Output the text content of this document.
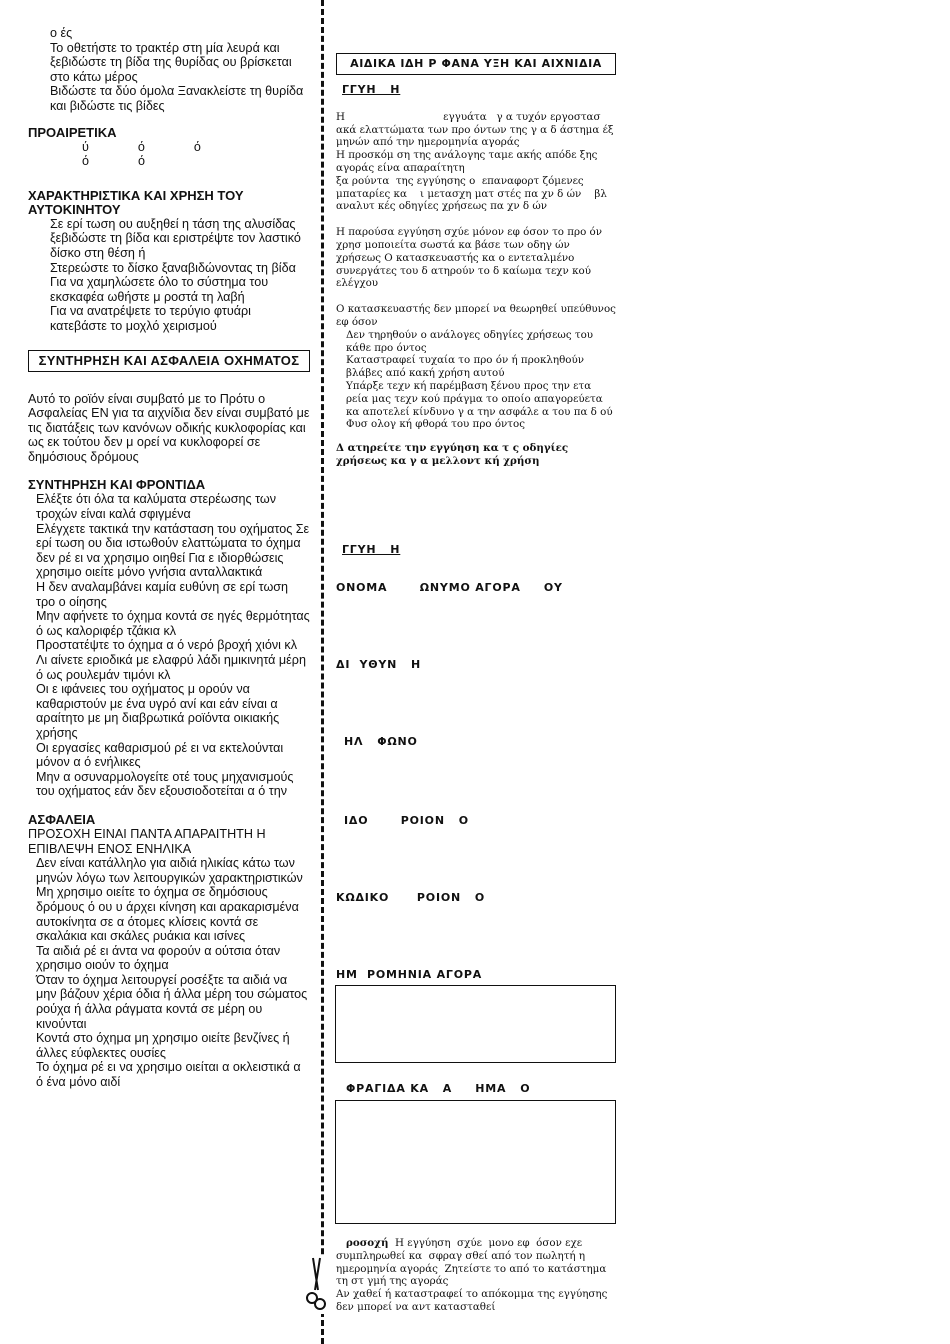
ο ές
Το οθετήστε το τρακτέρ στη μία λευρά και ξεβιδώστε τη βίδα της θυρίδας ου βρίσκεται στο κάτω μέρος
Βιδώστε τα δύο όμολα Ξανακλείστε τη θυρίδα και βιδώστε τις βίδες
ΠΡΟΑΙΡΕΤΙΚΑ
ύ              ό              ό
ό              ό
ΧΑΡΑΚΤΗΡΙΣΤΙΚΑ ΚΑΙ ΧΡΗΣΗ ΤΟΥ ΑΥΤΟΚΙΝΗΤΟΥ
Σε ερί τωση ου αυξηθεί η τάση της αλυσίδας ξεβιδώστε τη βίδα και εριστρέψτε τον λαστικό δίσκο στη θέση ή
Στερεώστε το δίσκο ξαναβιδώνοντας τη βίδα
Για να χαμηλώσετε όλο το σύστημα του εκσκαφέα ωθήστε μ ροστά τη λαβή
Για να ανατρέψετε το τερύγιο φτυάρι κατεβάστε το μοχλό χειρισμού
ΣΥΝΤΗΡΗΣΗ ΚΑΙ ΑΣΦΑΛΕΙΑ ΟΧΗΜΑΤΟΣ
Αυτό το ροϊόν είναι συμβατό με το Πρότυ ο Ασφαλείας EN για τα αιχνίδια δεν είναι συμβατό με τις διατάξεις των κανόνων οδικής κυκλοφορίας και ως εκ τούτου δεν μ ορεί να κυκλοφορεί σε δημόσιους δρόμους
ΣΥΝΤΗΡΗΣΗ ΚΑΙ ΦΡΟΝΤΙΔΑ
Ελέξτε ότι όλα τα καλύματα στερέωσης των τροχών είναι καλά σφιγμένα
Ελέγχετε τακτικά την κατάσταση του οχήματος Σε ερί τωση ου δια ιστωθούν ελαττώματα το όχημα δεν ρέ ει να χρησιμο οιηθεί Για ε ιδιορθώσεις χρησιμο οιείτε μόνο γνήσια ανταλλακτικά
Η δεν αναλαμβάνει καμία ευθύνη σε ερί τωση τρο ο οίησης
Μην αφήνετε το όχημα κοντά σε ηγές θερμότητας ό ως καλοριφέρ τζάκια κλ
Προστατέψτε το όχημα α ό νερό βροχή χιόνι κλ
Λι αίνετε εριοδικά με ελαφρύ λάδι ημικινητά μέρη ό ως ρουλεμάν τιμόνι κλ
Οι ε ιφάνειες του οχήματος μ ορούν να καθαριστούν με ένα υγρό ανί και εάν είναι α αραίτητο με μη διαβρωτικά ροϊόντα οικιακής χρήσης
Οι εργασίες καθαρισμού ρέ ει να εκτελούνται μόνον α ό ενήλικες
Μην α οσυναρμολογείτε οτέ τους μηχανισμούς του οχήματος εάν δεν εξουσιοδοτείται α ό την
ΑΣΦΑΛΕΙΑ
ΠΡΟΣΟΧΗ ΕΙΝΑΙ ΠΑΝΤΑ ΑΠΑΡΑΙΤΗΤΗ Η ΕΠΙΒΛΕΨΗ ΕΝΟΣ ΕΝΗΛΙΚΑ
Δεν είναι κατάλληλο για αιδιά ηλικίας κάτω των μηνών λόγω των λειτουργικών χαρακτηριστικών
Μη χρησιμο οιείτε το όχημα σε δημόσιους δρόμους ό ου υ άρχει κίνηση και αρακαρισμένα αυτοκίνητα σε α ότομες κλίσεις κοντά σε σκαλάκια και σκάλες ρυάκια και ισίνες
Τα αιδιά ρέ ει άντα να φορούν α ούτσια όταν χρησιμο οιούν το όχημα
Όταν το όχημα λειτουργεί ροσέξτε τα αιδιά να μην βάζουν χέρια όδια ή άλλα μέρη του σώματος ρούχα ή άλλα ράγματα κοντά σε μέρη ου κινούνται
Κοντά στο όχημα μη χρησιμο οιείτε βενζίνες ή άλλες εύφλεκτες ουσίες
Το όχημα ρέ ει να χρησιμο οιείται α οκλειστικά α ό ένα μόνο αιδί
ΑΙΔΙΚΑ ΙΔΗ Ρ ΦΑΝΑ ΥΞΗ ΚΑΙ ΑΙΧΝΙΔΙΑ
ΓΓΥΗ   Η
Η                              εγγυάτα   γ α τυχόν εργοστασ ακά ελαττώματα των προ όντων της γ α δ άστημα έξ  μηνών από την ημερομηνία αγοράς
Η προσκόμ ση της ανάλογης ταμε ακής απόδε ξης αγοράς είνα απαραίτητη
ξα ρούντα  της εγγύησης ο  επαναφορτ ζόμενες μπαταρίες κα    ι μετασχη ματ στές πα χν δ ών    βλ  αναλυτ κές οδηγίες χρήσεως πα χν δ ών
Η παρούσα εγγύηση σχύε μόνον εφ όσον το προ όν χρησ μοποιείτα σωστά κα βάσε των οδηγ ών χρήσεως Ο κατασκευαστής κα ο εντεταλμένο συνεργάτες του δ ατηρούν το δ καίωμα τεχν κού ελέγχου
Ο κατασκευαστής δεν μπορεί να θεωρηθεί υπεύθυνος εφ όσον
Δεν τηρηθούν ο ανάλογες οδηγίες χρήσεως του κάθε προ όντος
Καταστραφεί τυχαία το προ όν ή προκληθούν βλάβες από κακή χρήση αυτού
Υπάρξε τεχν κή παρέμβαση ξένου προς την ετα ρεία μας τεχν κού πράγμα το οποίο απαγορεύετα κα αποτελεί κίνδυνο γ α την ασφάλε α του πα δ ού
Φυσ ολογ κή φθορά του προ όντος
Δ ατηρείτε την εγγύηση κα τ ς οδηγίες χρήσεως κα γ α μελλοντ κή χρήση
ΓΓΥΗ   Η
ΟΝΟΜΑ       ΩΝΥΜΟ ΑΓΟΡΑ     ΟΥ
ΔΙ  ΥΘΥΝ   Η
ΗΛ   ΦΩΝΟ
ΙΔΟ       ΡΟΙΟΝ   Ο
ΚΩΔΙΚΟ      ΡΟΙΟΝ   Ο
ΗΜ  ΡΟΜΗΝΙΑ ΑΓΟΡΑ
ΦΡΑΓΙΔΑ ΚΑ   Α     ΗΜΑ   Ο
ροσοχή  Η εγγύηση  σχύε  μονο εφ  όσον εχε συμπληρωθεί κα  σφραγ σθεί από τον πωλητή η ημερομηνία αγοράς  Ζητείστε το από το κατάστημα τη στ γμή της αγοράς
Αν χαθεί ή καταστραφεί το απόκομμα της εγγύησης δεν μπορεί να αντ κατασταθεί
